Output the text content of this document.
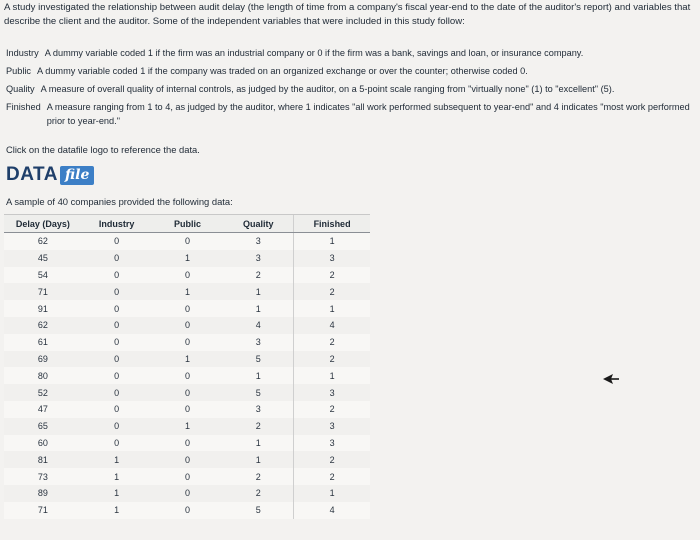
A study investigated the relationship between audit delay (the length of time from a company's fiscal year-end to the date of the auditor's report) and variables that describe the client and the auditor. Some of the independent variables that were included in this study follow:
Industry A dummy variable coded 1 if the firm was an industrial company or 0 if the firm was a bank, savings and loan, or insurance company.
Public A dummy variable coded 1 if the company was traded on an organized exchange or over the counter; otherwise coded 0.
Quality A measure of overall quality of internal controls, as judged by the auditor, on a 5-point scale ranging from "virtually none" (1) to "excellent" (5).
Finished A measure ranging from 1 to 4, as judged by the auditor, where 1 indicates "all work performed subsequent to year-end" and 4 indicates "most work performed prior to year-end."
Click on the datafile logo to reference the data.
DATA file
A sample of 40 companies provided the following data:
Delay (Days)	Industry	Public	Quality	Finished
62	0	0	3	1
45	0	1	3	3
54	0	0	2	2
71	0	1	1	2
91	0	0	1	1
62	0	0	4	4
61	0	0	3	2
69	0	1	5	2
80	0	0	1	1
52	0	0	5	3
47	0	0	3	2
65	0	1	2	3
60	0	0	1	3
81	1	0	1	2
73	1	0	2	2
89	1	0	2	1
71	1	0	5	4
